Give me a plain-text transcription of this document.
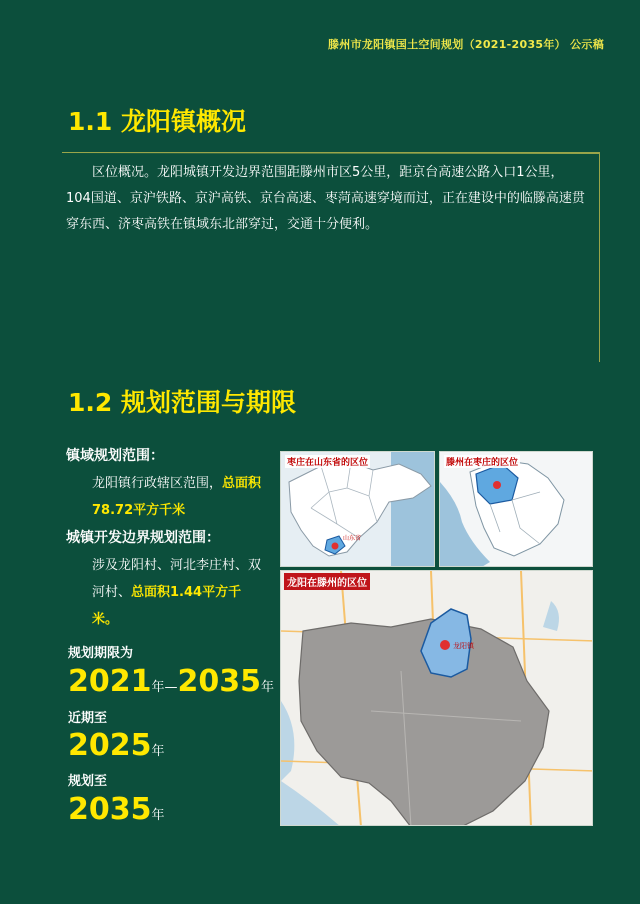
滕州市龙阳镇国土空间规划（2021-2035年） 公示稿
1.1 龙阳镇概况
区位概况。龙阳城镇开发边界范围距滕州市区5公里，距京台高速公路入口1公里，104国道、京沪铁路、京沪高铁、京台高速、枣菏高速穿境而过，正在建设中的临滕高速贯穿东西、济枣高铁在镇域东北部穿过，交通十分便利。
1.2 规划范围与期限
镇域规划范围：
龙阳镇行政辖区范围，总面积78.72平方千米
城镇开发边界规划范围：
涉及龙阳村、河北李庄村、双河村、总面积1.44平方千米。
规划期限为
2021年—2035年
近期至
2025年
规划至
2035年
山东省
枣庄在山东省的区位	滕州在枣庄的区位
龙阳镇
龙阳在滕州的区位
